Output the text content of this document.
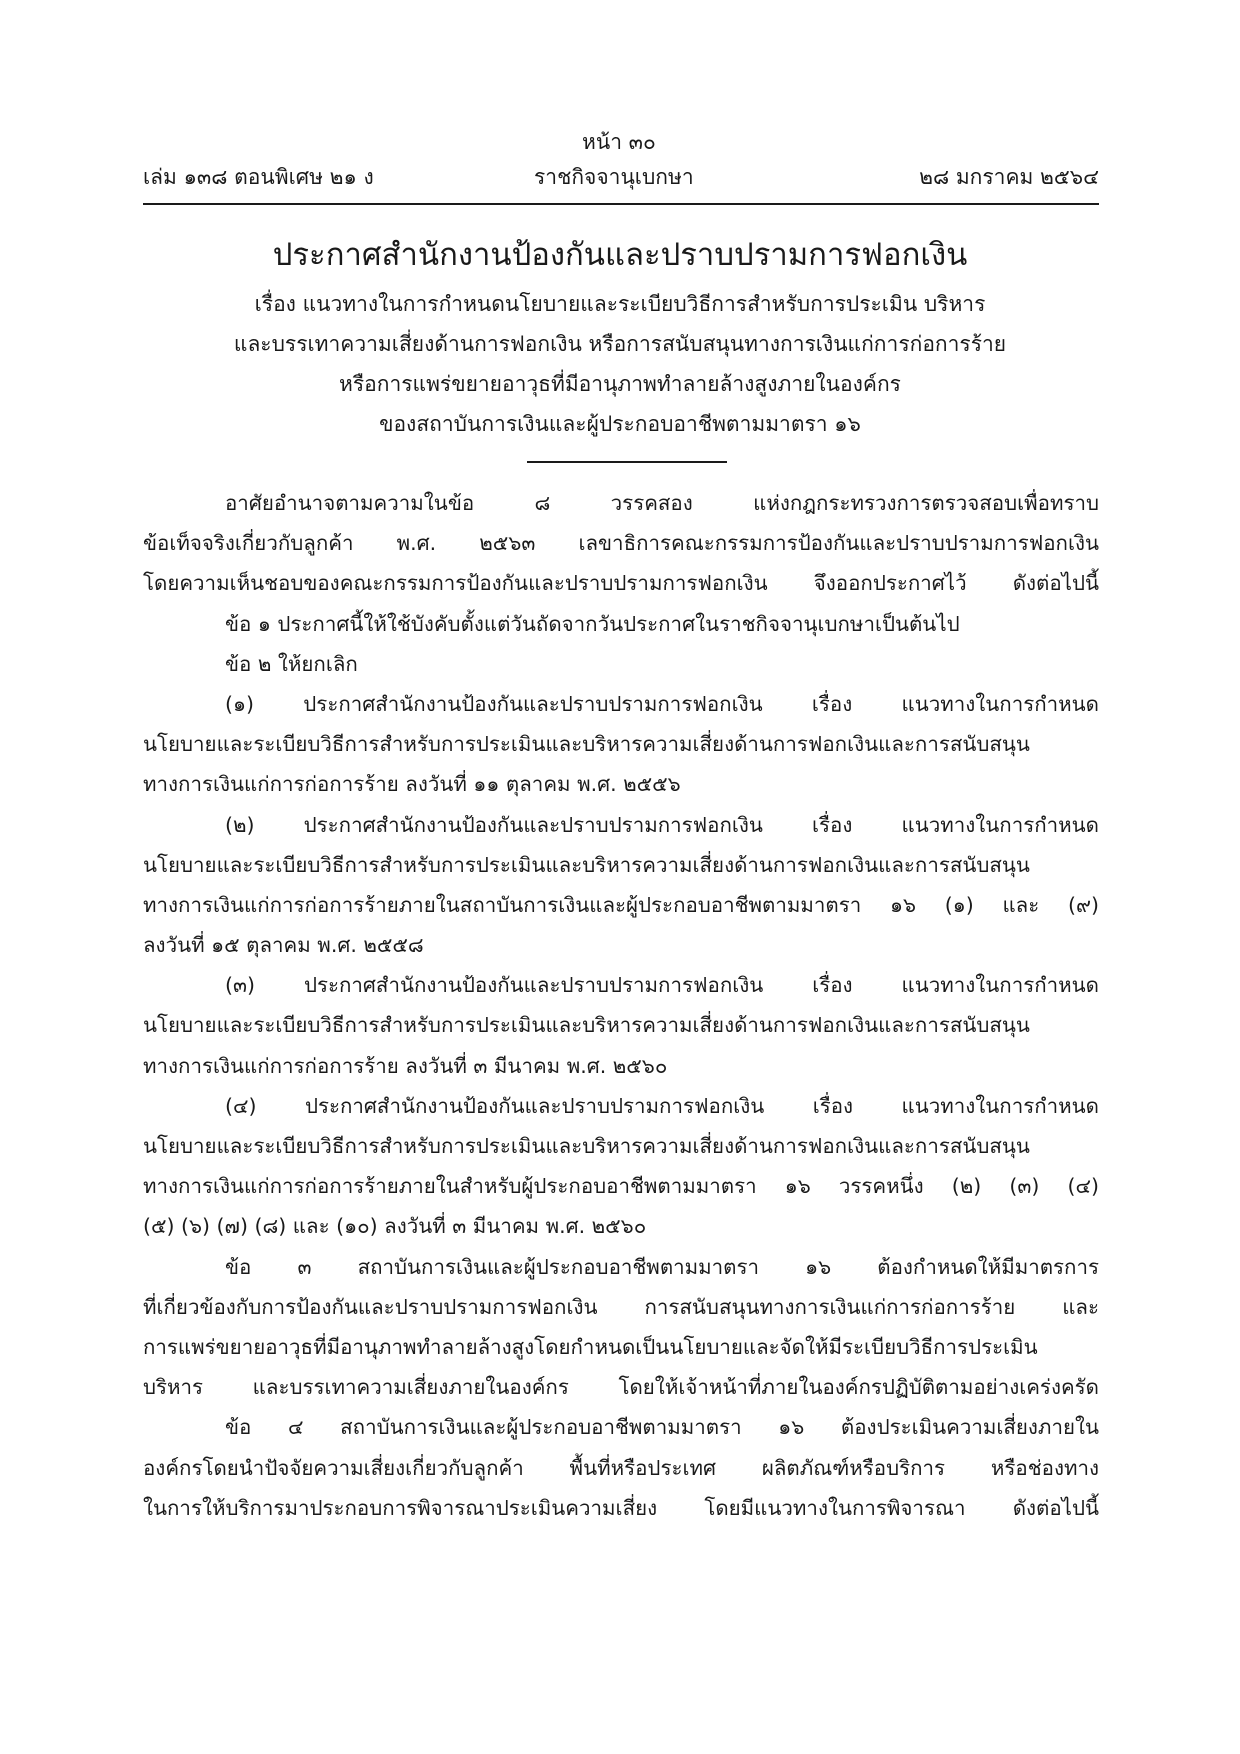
หน้า ๓๐
เล่ม ๑๓๘ ตอนพิเศษ ๒๑ ง	ราชกิจจานุเบกษา	๒๘ มกราคม ๒๕๖๔
ประกาศสำนักงานป้องกันและปราบปรามการฟอกเงิน
เรื่อง แนวทางในการกำหนดนโยบายและระเบียบวิธีการสำหรับการประเมิน บริหาร
และบรรเทาความเสี่ยงด้านการฟอกเงิน หรือการสนับสนุนทางการเงินแก่การก่อการร้าย
หรือการแพร่ขยายอาวุธที่มีอานุภาพทำลายล้างสูงภายในองค์กร
ของสถาบันการเงินและผู้ประกอบอาชีพตามมาตรา ๑๖
อาศัยอำนาจตามความในข้อ ๘ วรรคสอง แห่งกฎกระทรวงการตรวจสอบเพื่อทราบ
ข้อเท็จจริงเกี่ยวกับลูกค้า พ.ศ. ๒๕๖๓ เลขาธิการคณะกรรมการป้องกันและปราบปรามการฟอกเงิน
โดยความเห็นชอบของคณะกรรมการป้องกันและปราบปรามการฟอกเงิน จึงออกประกาศไว้ ดังต่อไปนี้
ข้อ ๑ ประกาศนี้ให้ใช้บังคับตั้งแต่วันถัดจากวันประกาศในราชกิจจานุเบกษาเป็นต้นไป
ข้อ ๒ ให้ยกเลิก
(๑) ประกาศสำนักงานป้องกันและปราบปรามการฟอกเงิน เรื่อง แนวทางในการกำหนด
นโยบายและระเบียบวิธีการสำหรับการประเมินและบริหารความเสี่ยงด้านการฟอกเงินและการสนับสนุน
ทางการเงินแก่การก่อการร้าย ลงวันที่ ๑๑ ตุลาคม พ.ศ. ๒๕๕๖
(๒) ประกาศสำนักงานป้องกันและปราบปรามการฟอกเงิน เรื่อง แนวทางในการกำหนด
นโยบายและระเบียบวิธีการสำหรับการประเมินและบริหารความเสี่ยงด้านการฟอกเงินและการสนับสนุน
ทางการเงินแก่การก่อการร้ายภายในสถาบันการเงินและผู้ประกอบอาชีพตามมาตรา ๑๖ (๑) และ (๙)
ลงวันที่ ๑๕ ตุลาคม พ.ศ. ๒๕๕๘
(๓) ประกาศสำนักงานป้องกันและปราบปรามการฟอกเงิน เรื่อง แนวทางในการกำหนด
นโยบายและระเบียบวิธีการสำหรับการประเมินและบริหารความเสี่ยงด้านการฟอกเงินและการสนับสนุน
ทางการเงินแก่การก่อการร้าย ลงวันที่ ๓ มีนาคม พ.ศ. ๒๕๖๐
(๔) ประกาศสำนักงานป้องกันและปราบปรามการฟอกเงิน เรื่อง แนวทางในการกำหนด
นโยบายและระเบียบวิธีการสำหรับการประเมินและบริหารความเสี่ยงด้านการฟอกเงินและการสนับสนุน
ทางการเงินแก่การก่อการร้ายภายในสำหรับผู้ประกอบอาชีพตามมาตรา ๑๖ วรรคหนึ่ง (๒) (๓) (๔)
(๕) (๖) (๗) (๘) และ (๑๐) ลงวันที่ ๓ มีนาคม พ.ศ. ๒๕๖๐
ข้อ ๓ สถาบันการเงินและผู้ประกอบอาชีพตามมาตรา ๑๖ ต้องกำหนดให้มีมาตรการ
ที่เกี่ยวข้องกับการป้องกันและปราบปรามการฟอกเงิน การสนับสนุนทางการเงินแก่การก่อการร้าย และ
การแพร่ขยายอาวุธที่มีอานุภาพทำลายล้างสูงโดยกำหนดเป็นนโยบายและจัดให้มีระเบียบวิธีการประเมิน
บริหาร และบรรเทาความเสี่ยงภายในองค์กร โดยให้เจ้าหน้าที่ภายในองค์กรปฏิบัติตามอย่างเคร่งครัด
ข้อ ๔ สถาบันการเงินและผู้ประกอบอาชีพตามมาตรา ๑๖ ต้องประเมินความเสี่ยงภายใน
องค์กรโดยนำปัจจัยความเสี่ยงเกี่ยวกับลูกค้า พื้นที่หรือประเทศ ผลิตภัณฑ์หรือบริการ หรือช่องทาง
ในการให้บริการมาประกอบการพิจารณาประเมินความเสี่ยง โดยมีแนวทางในการพิจารณา ดังต่อไปนี้
